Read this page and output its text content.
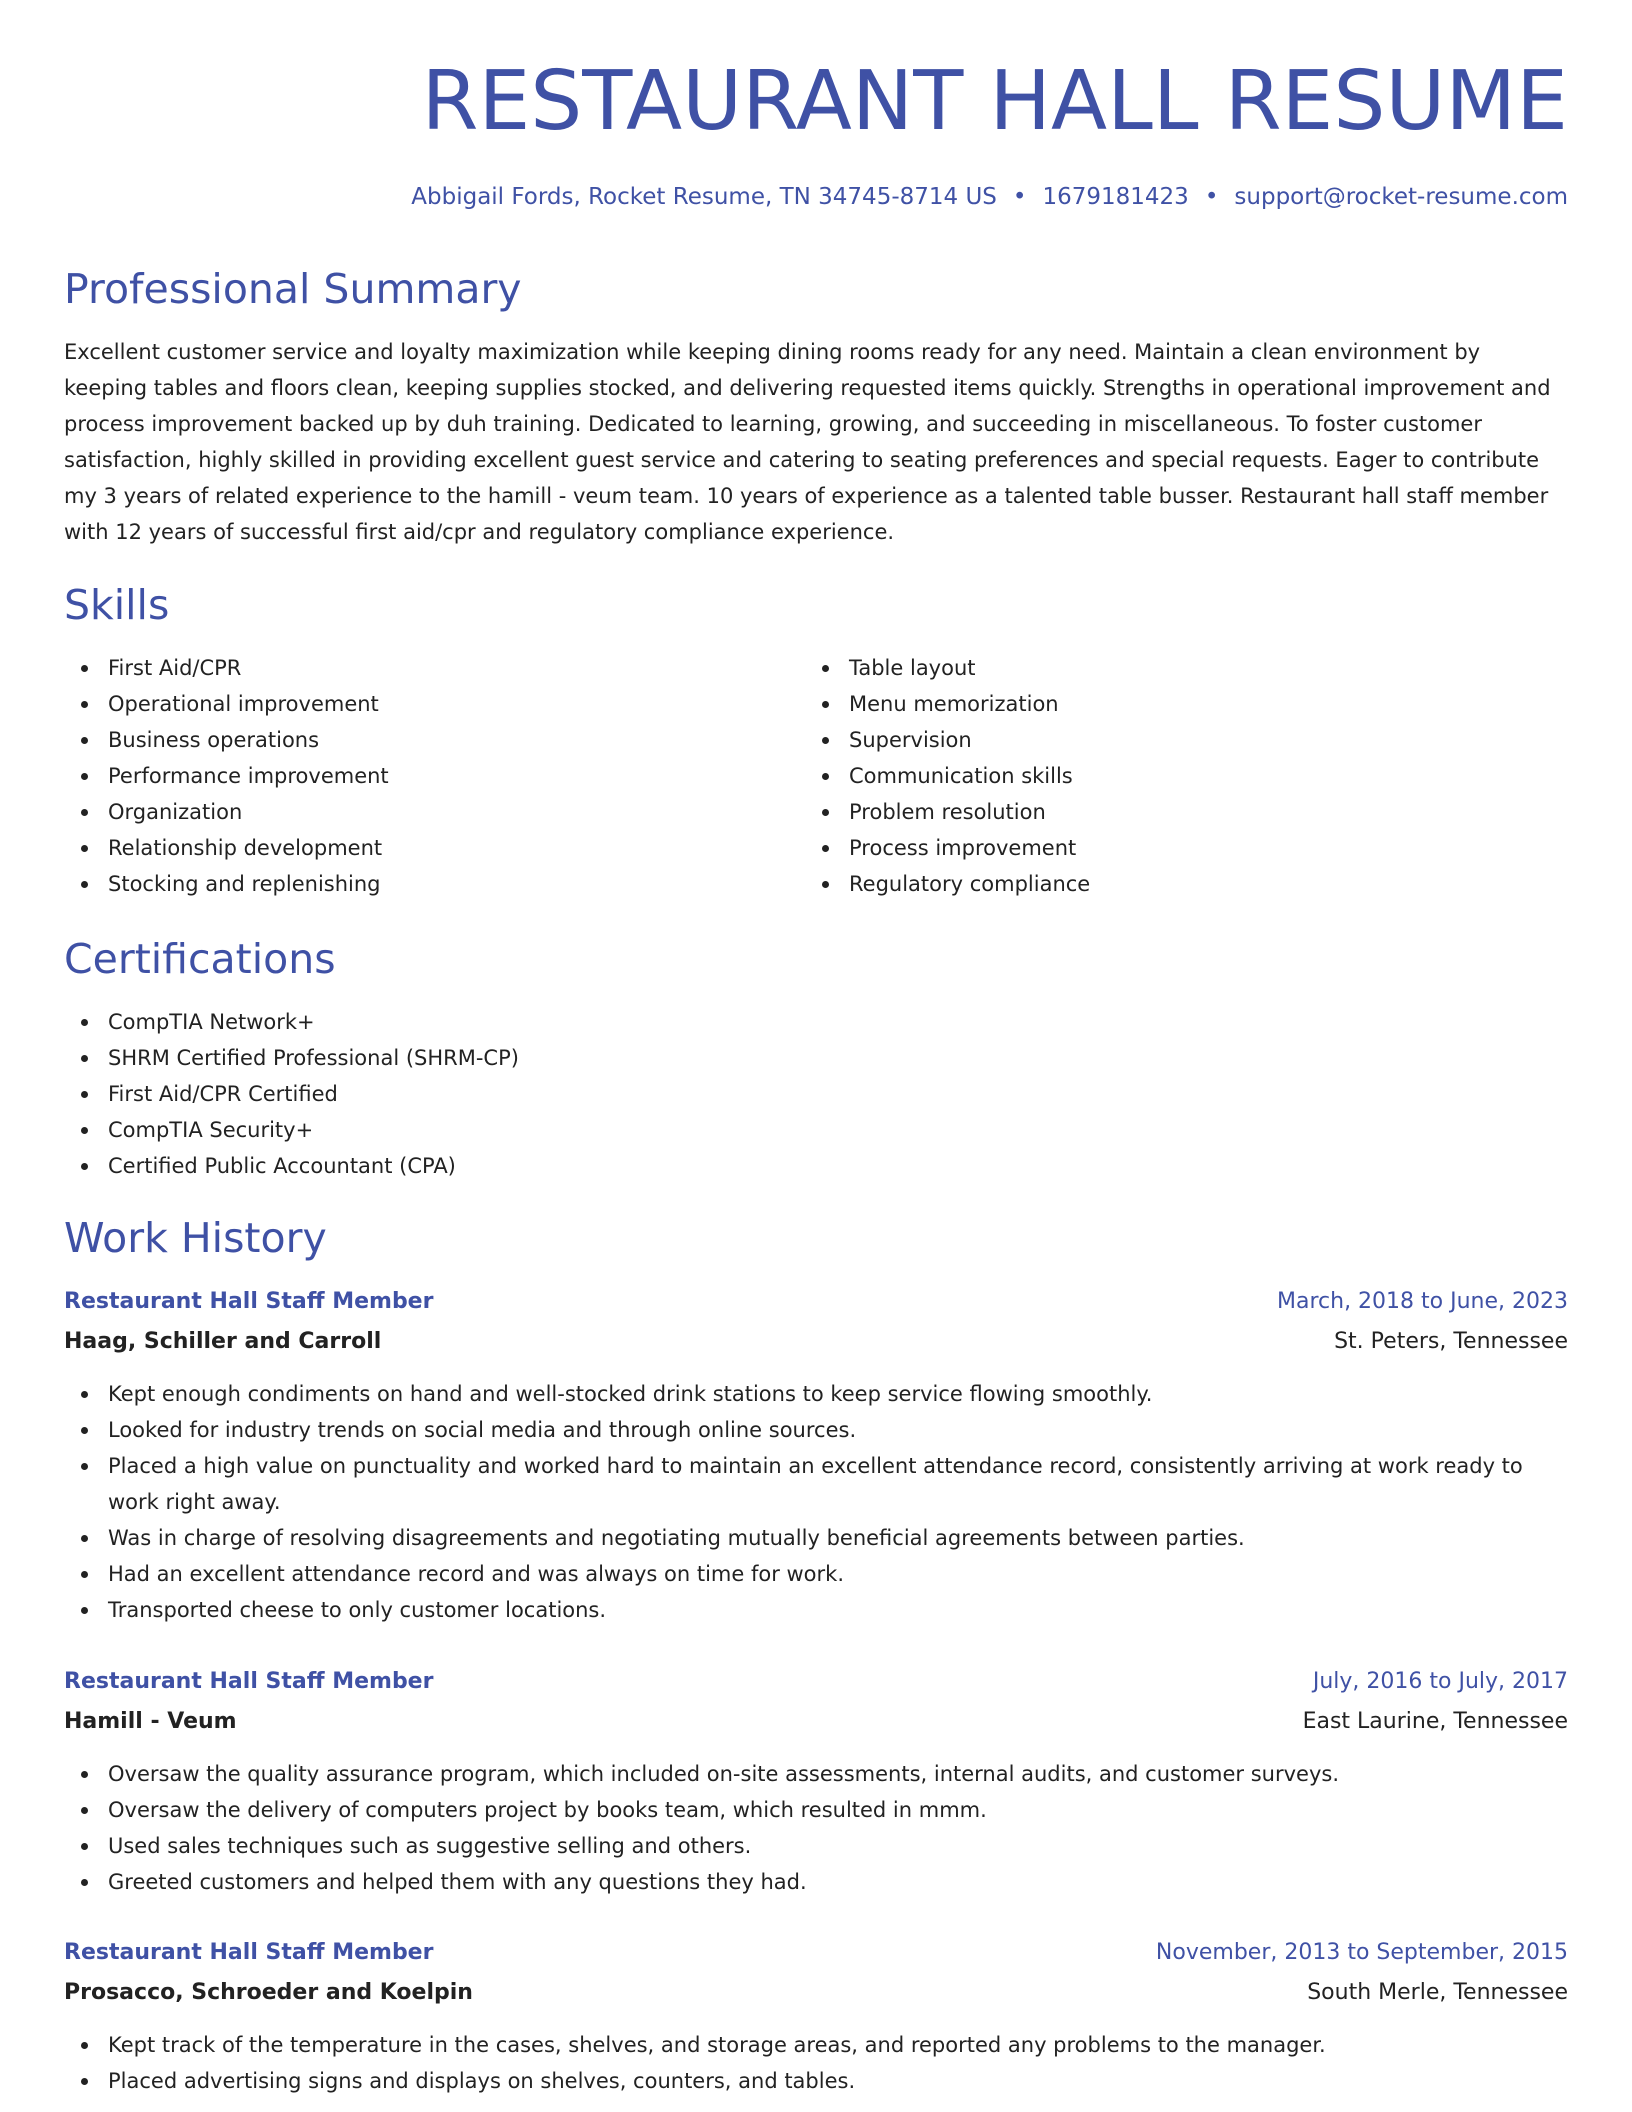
RESTAURANT HALL RESUME
Abbigail Fords, Rocket Resume, TN 34745-8714 US • 1679181423 • support@rocket-resume.com
Professional Summary

Excellent customer service and loyalty maximization while keeping dining rooms ready for any need. Maintain a clean environment by keeping tables and floors clean, keeping supplies stocked, and delivering requested items quickly. Strengths in operational improvement and process improvement backed up by duh training. Dedicated to learning, growing, and succeeding in miscellaneous. To foster customer satisfaction, highly skilled in providing excellent guest service and catering to seating preferences and special requests. Eager to contribute my 3 years of related experience to the hamill - veum team. 10 years of experience as a talented table busser. Restaurant hall staff member with 12 years of successful first aid/cpr and regulatory compliance experience.

Skills
First Aid/CPR
Operational improvement
Business operations
Performance improvement
Organization
Relationship development
Stocking and replenishing
Table layout
Menu memorization
Supervision
Communication skills
Problem resolution
Process improvement
Regulatory compliance
Certifications
CompTIA Network+
SHRM Certified Professional (SHRM-CP)
First Aid/CPR Certified
CompTIA Security+
Certified Public Accountant (CPA)
Work History
Restaurant Hall Staff Member	March, 2018 to June, 2023
Haag, Schiller and Carroll	St. Peters, Tennessee
Kept enough condiments on hand and well-stocked drink stations to keep service flowing smoothly.
Looked for industry trends on social media and through online sources.
Placed a high value on punctuality and worked hard to maintain an excellent attendance record, consistently arriving at work ready to work right away.
Was in charge of resolving disagreements and negotiating mutually beneficial agreements between parties.
Had an excellent attendance record and was always on time for work.
Transported cheese to only customer locations.
Restaurant Hall Staff Member	July, 2016 to July, 2017
Hamill - Veum	East Laurine, Tennessee
Oversaw the quality assurance program, which included on-site assessments, internal audits, and customer surveys.
Oversaw the delivery of computers project by books team, which resulted in mmm.
Used sales techniques such as suggestive selling and others.
Greeted customers and helped them with any questions they had.
Restaurant Hall Staff Member	November, 2013 to September, 2015
Prosacco, Schroeder and Koelpin	South Merle, Tennessee
Kept track of the temperature in the cases, shelves, and storage areas, and reported any problems to the manager.
Placed advertising signs and displays on shelves, counters, and tables.
